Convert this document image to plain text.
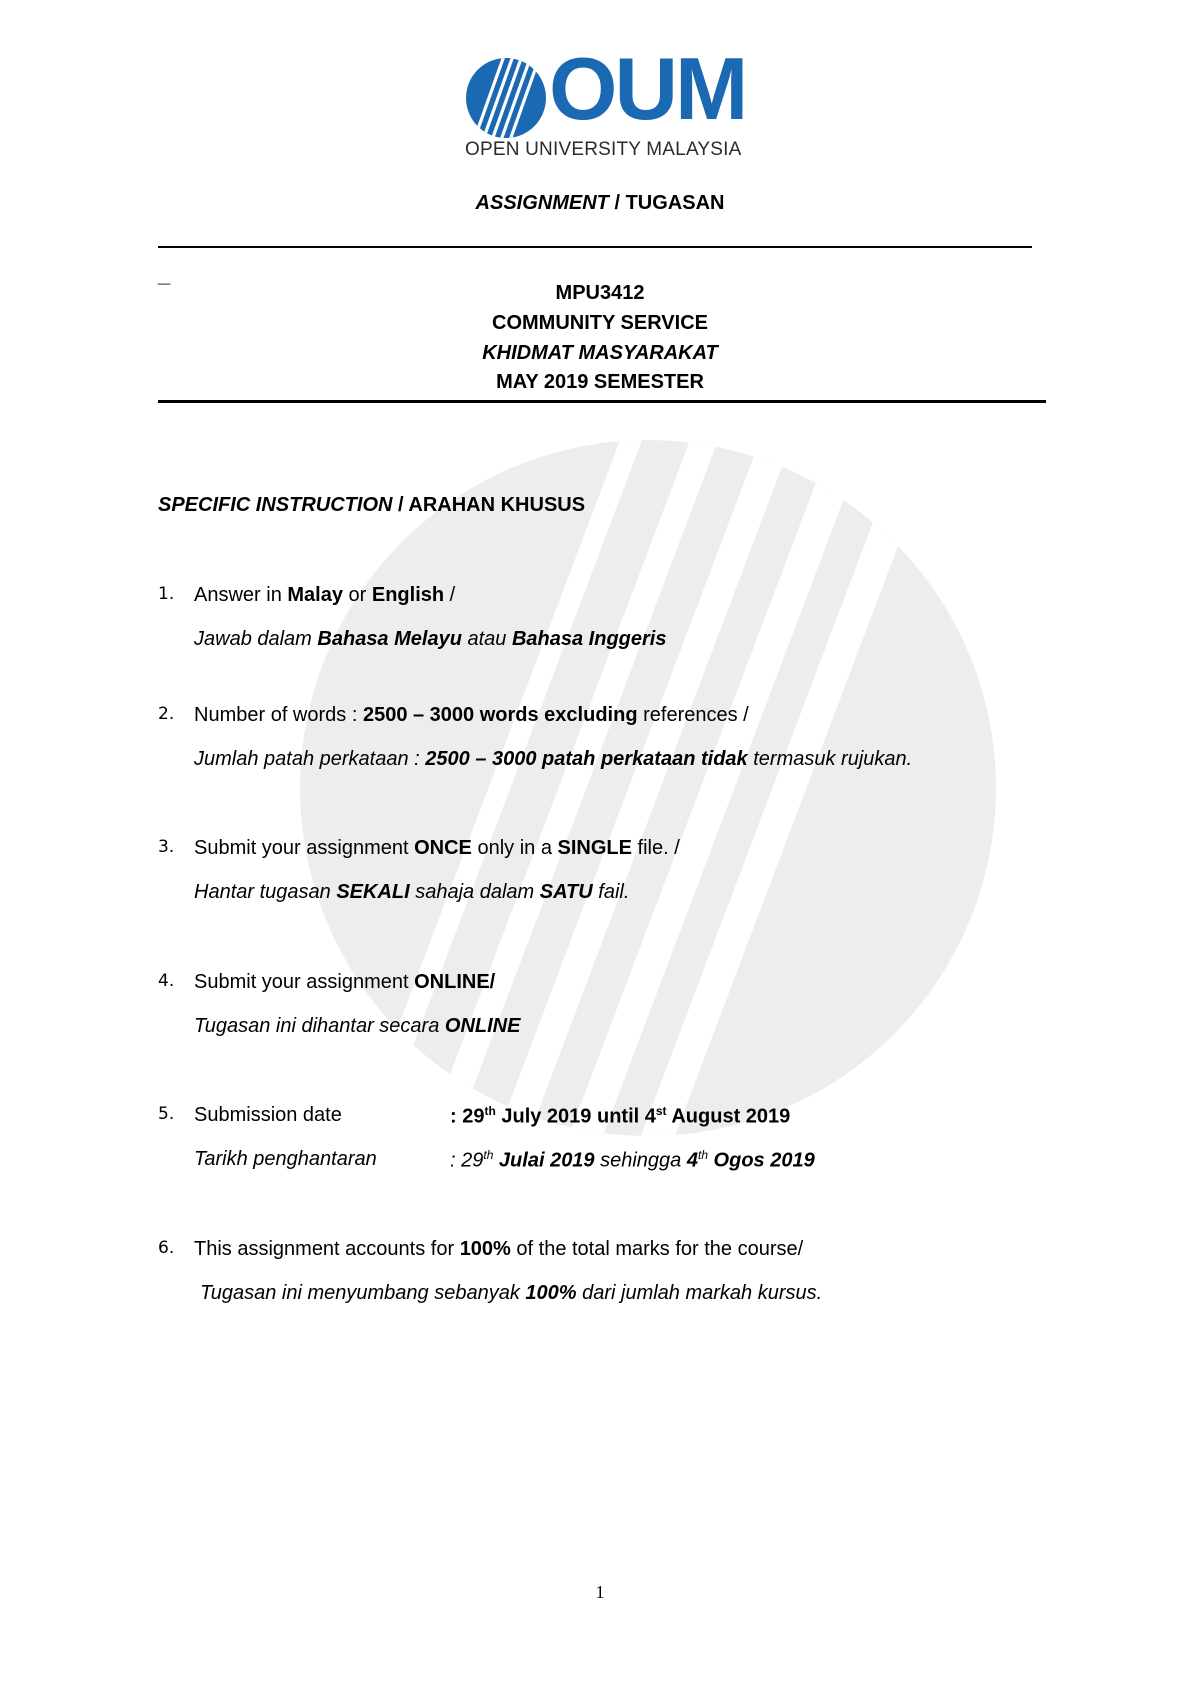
OUM
OPEN UNIVERSITY MALAYSIA
ASSIGNMENT / TUGASAN
_
MPU3412
COMMUNITY SERVICE
KHIDMAT MASYARAKAT
MAY 2019 SEMESTER
SPECIFIC INSTRUCTION / ARAHAN KHUSUS
1. Answer in Malay or English /
Jawab dalam Bahasa Melayu atau Bahasa Inggeris
2. Number of words : 2500 – 3000 words excluding references /
Jumlah patah perkataan : 2500 – 3000 patah perkataan tidak termasuk rujukan.
3. Submit your assignment ONCE only in a SINGLE file. /
Hantar tugasan SEKALI sahaja dalam SATU fail.
4. Submit your assignment ONLINE/
Tugasan ini dihantar secara ONLINE
5. Submission date	: 29th July 2019 until 4st August 2019
Tarikh penghantaran	: 29th Julai 2019 sehingga 4th Ogos 2019
6. This assignment accounts for 100% of the total marks for the course/
Tugasan ini menyumbang sebanyak 100% dari jumlah markah kursus.
1
